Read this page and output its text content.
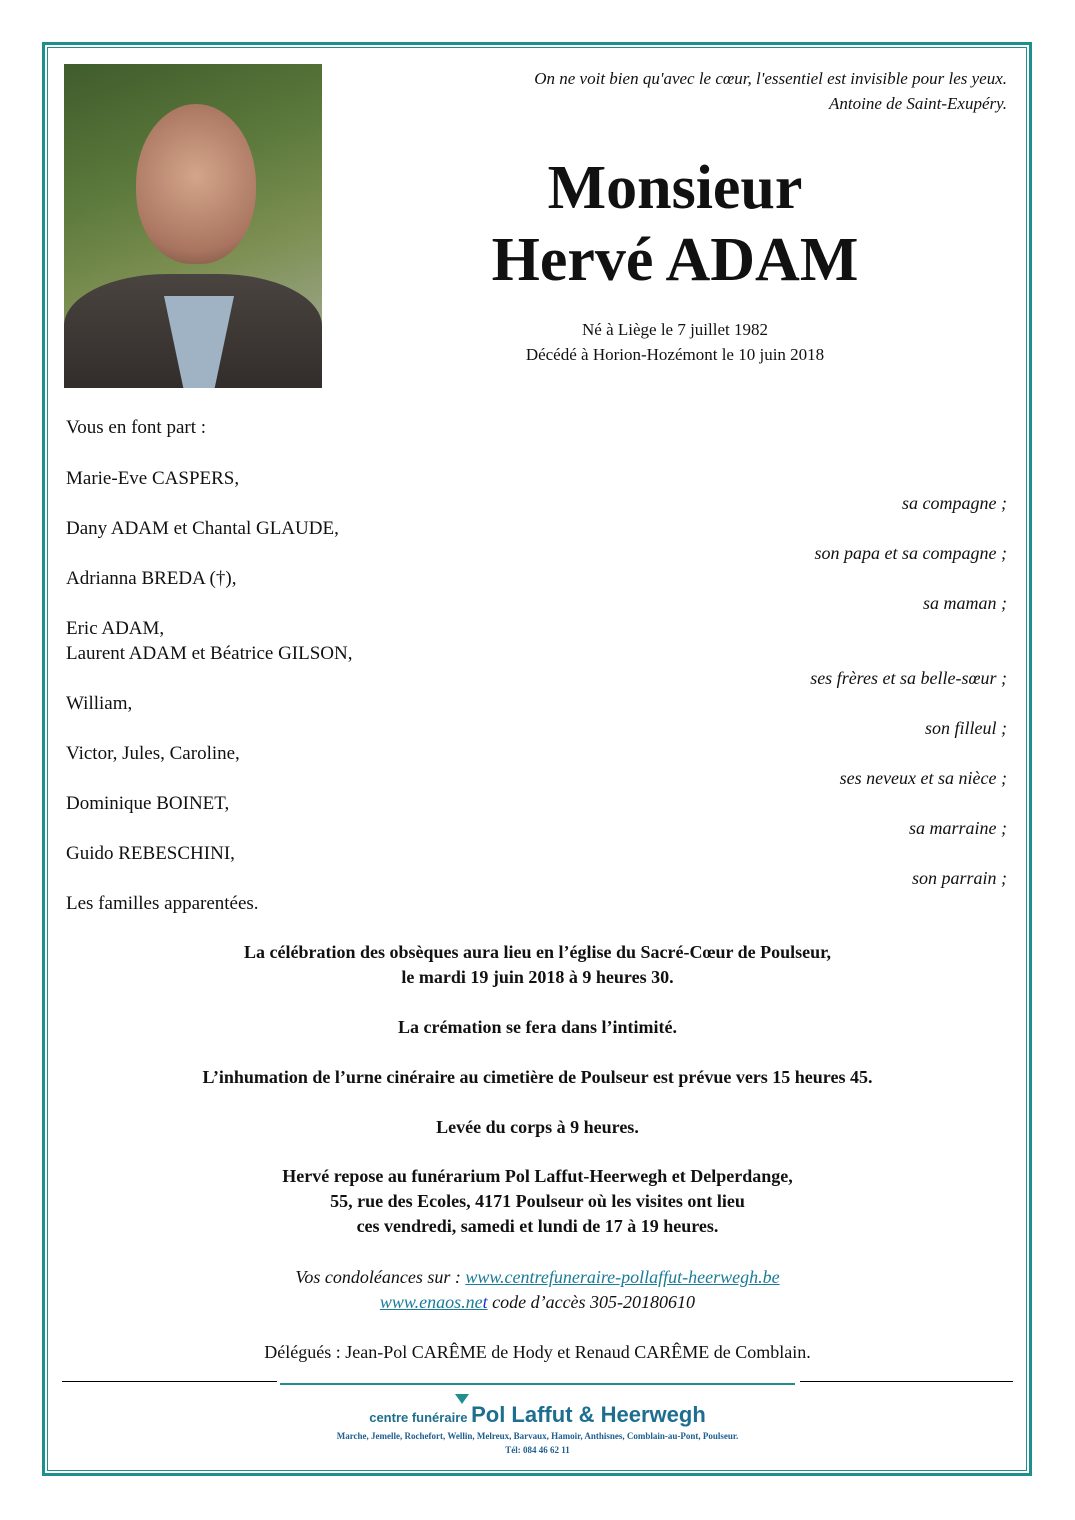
On ne voit bien qu'avec le cœur, l'essentiel est invisible pour les yeux.
Antoine de Saint-Exupéry.
Monsieur
Hervé ADAM
Né à Liège le 7 juillet 1982
Décédé à Horion-Hozémont le 10 juin 2018
Vous en font part :
Marie-Eve CASPERS,
sa compagne ;
Dany ADAM et Chantal GLAUDE,
son papa et sa compagne ;
Adrianna BREDA (†),
sa maman ;
Eric ADAM,
Laurent ADAM et Béatrice GILSON,
ses frères et sa belle-sœur ;
William,
son filleul ;
Victor, Jules, Caroline,
ses neveux et sa nièce ;
Dominique BOINET,
sa marraine ;
Guido REBESCHINI,
son parrain ;
Les familles apparentées.
La célébration des obsèques aura lieu en l’église du Sacré-Cœur de Poulseur,
le mardi 19 juin 2018 à 9 heures 30.
La crémation se fera dans l’intimité.
L’inhumation de l’urne cinéraire au cimetière de Poulseur est prévue vers 15 heures 45.
Levée du corps à 9 heures.
Hervé repose au funérarium Pol Laffut-Heerwegh et Delperdange,
55, rue des Ecoles, 4171 Poulseur où les visites ont lieu
ces vendredi, samedi et lundi de 17 à 19 heures.
Vos condoléances sur : www.centrefuneraire-pollaffut-heerwegh.be
www.enaos.net code d’accès 305-20180610
Délégués : Jean-Pol CARÊME de Hody et Renaud CARÊME de Comblain.
centre funéraire Pol Laffut & Heerwegh
Marche, Jemelle, Rochefort, Wellin, Melreux, Barvaux, Hamoir, Anthisnes, Comblain-au-Pont, Poulseur.
Tél: 084 46 62 11
